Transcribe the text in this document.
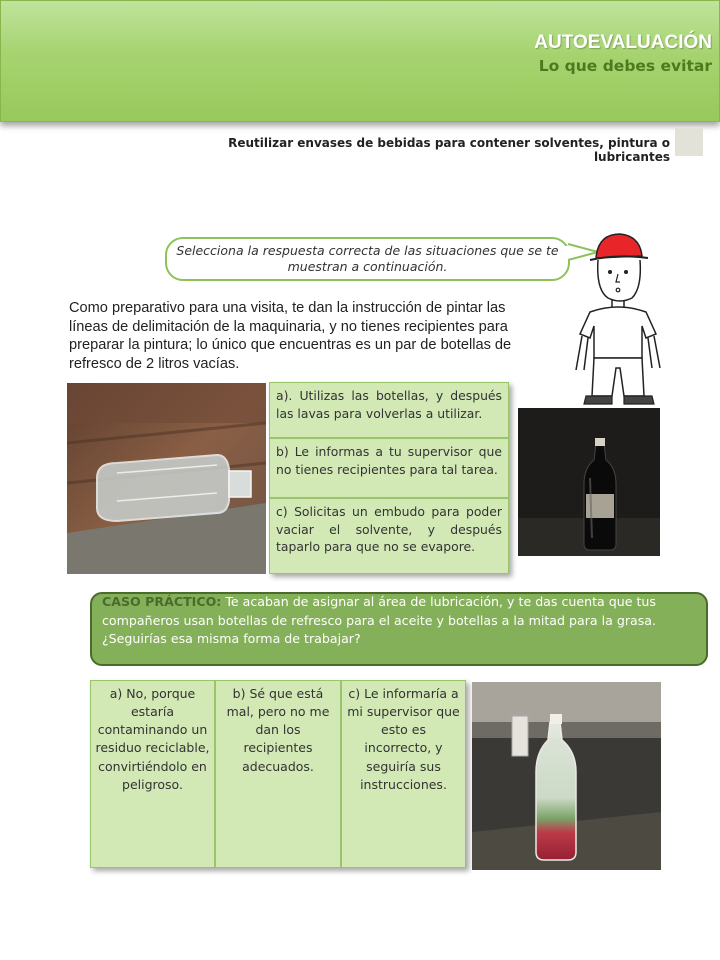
AUTOEVALUACIÓN
Lo que debes evitar
Reutilizar envases de bebidas para contener solventes, pintura o lubricantes
Selecciona la respuesta correcta de las situaciones que se te muestran a continuación.
Como preparativo para una visita, te dan la instrucción de pintar las líneas de delimitación de la maquinaria, y no tienes recipientes para preparar la pintura; lo único que encuentras es un par de botellas de refresco de 2 litros vacías.
a). Utilizas las botellas, y después las lavas para volverlas a utilizar.
b) Le informas a tu supervisor que no tienes recipientes para tal tarea.
c) Solicitas un embudo para poder vaciar el solvente, y después taparlo para que no se evapore.
CASO PRÁCTICO: Te acaban de asignar al área de lubricación, y te das cuenta que tus compañeros usan botellas de refresco para el aceite y botellas a la mitad para la grasa. ¿Seguirías esa misma forma de trabajar?
a) No, porque estaría contaminando un residuo reciclable, convirtiéndolo en peligroso.
b) Sé que está mal, pero no me dan los recipientes adecuados.
c) Le informaría a mi supervisor que esto es incorrecto, y seguiría sus instrucciones.
